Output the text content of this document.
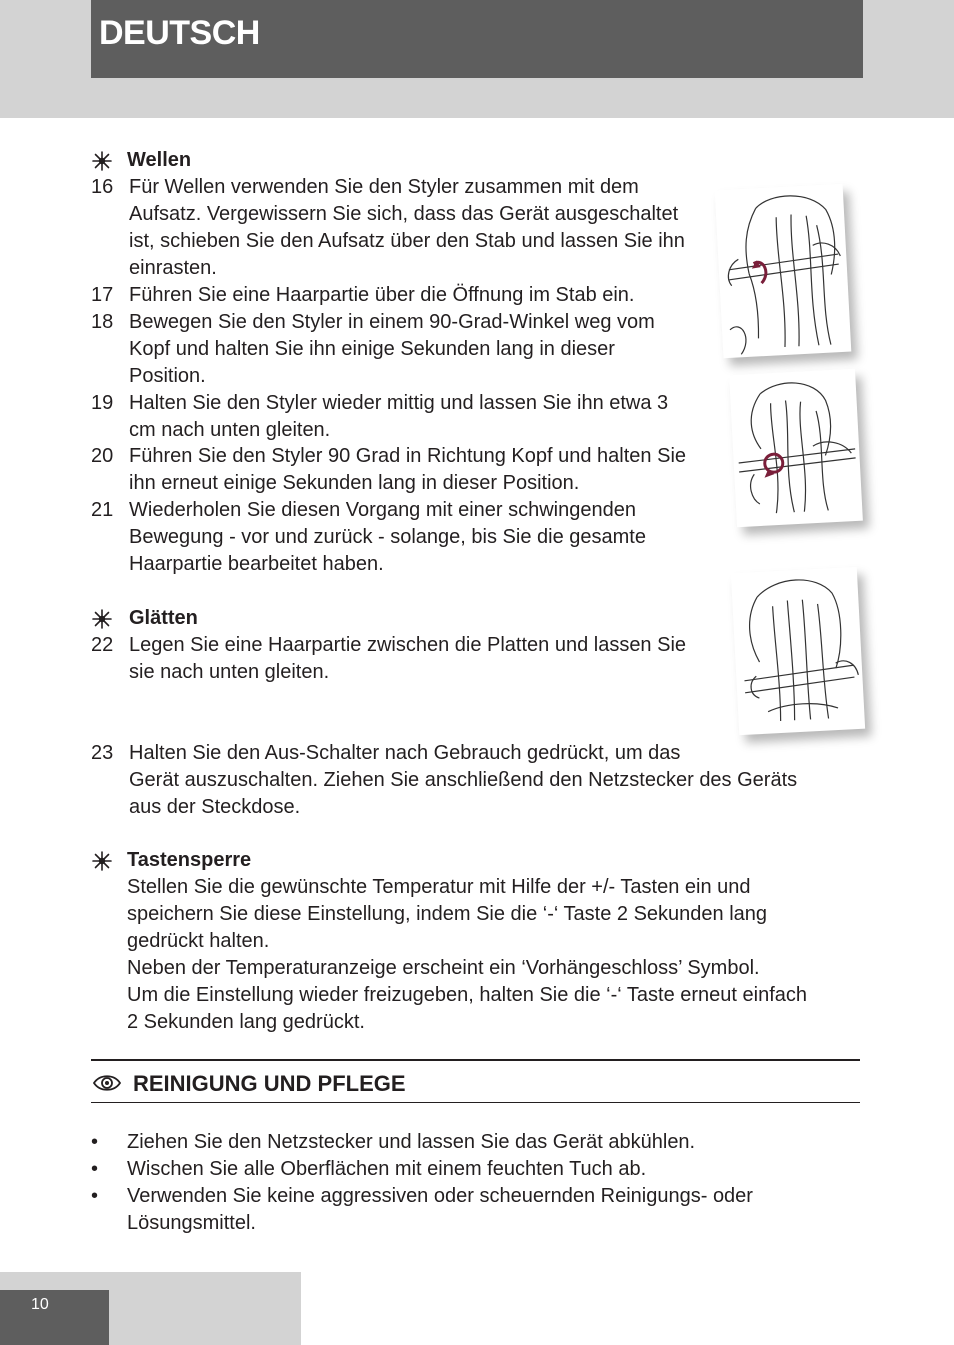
DEUTSCH
Wellen
16 Für Wellen verwenden Sie den Styler zusammen mit dem
Aufsatz. Vergewissern Sie sich, dass das Gerät ausgeschaltet
ist, schieben Sie den Aufsatz über den Stab und lassen Sie ihn
einrasten.
17 Führen Sie eine Haarpartie über die Öffnung im Stab ein.
18 Bewegen Sie den Styler in einem 90-Grad-Winkel weg vom
Kopf und halten Sie ihn einige Sekunden lang in dieser
Position.
19 Halten Sie den Styler wieder mittig und lassen Sie ihn etwa 3
cm nach unten gleiten.
20 Führen Sie den Styler 90 Grad in Richtung Kopf und halten Sie
ihn erneut einige Sekunden lang in dieser Position.
21 Wiederholen Sie diesen Vorgang mit einer schwingenden
Bewegung - vor und zurück - solange, bis Sie die gesamte
Haarpartie bearbeitet haben.
Glätten
22 Legen Sie eine Haarpartie zwischen die Platten und lassen Sie
sie nach unten gleiten.
23 Halten Sie den Aus-Schalter nach Gebrauch gedrückt, um das
Gerät auszuschalten. Ziehen Sie anschließend den Netzstecker des Geräts
aus der Steckdose.
Tastensperre
Stellen Sie die gewünschte Temperatur mit Hilfe der +/- Tasten ein und
speichern Sie diese Einstellung, indem Sie die ‘-‘ Taste 2 Sekunden lang
gedrückt halten.
Neben der Temperaturanzeige erscheint ein ‘Vorhängeschloss’ Symbol.
Um die Einstellung wieder freizugeben, halten Sie die ‘-‘ Taste erneut einfach
2 Sekunden lang gedrückt.
REINIGUNG UND PFLEGE
• Ziehen Sie den Netzstecker und lassen Sie das Gerät abkühlen.
• Wischen Sie alle Oberflächen mit einem feuchten Tuch ab.
• Verwenden Sie keine aggressiven oder scheuernden Reinigungs- oder
Lösungsmittel.
10
